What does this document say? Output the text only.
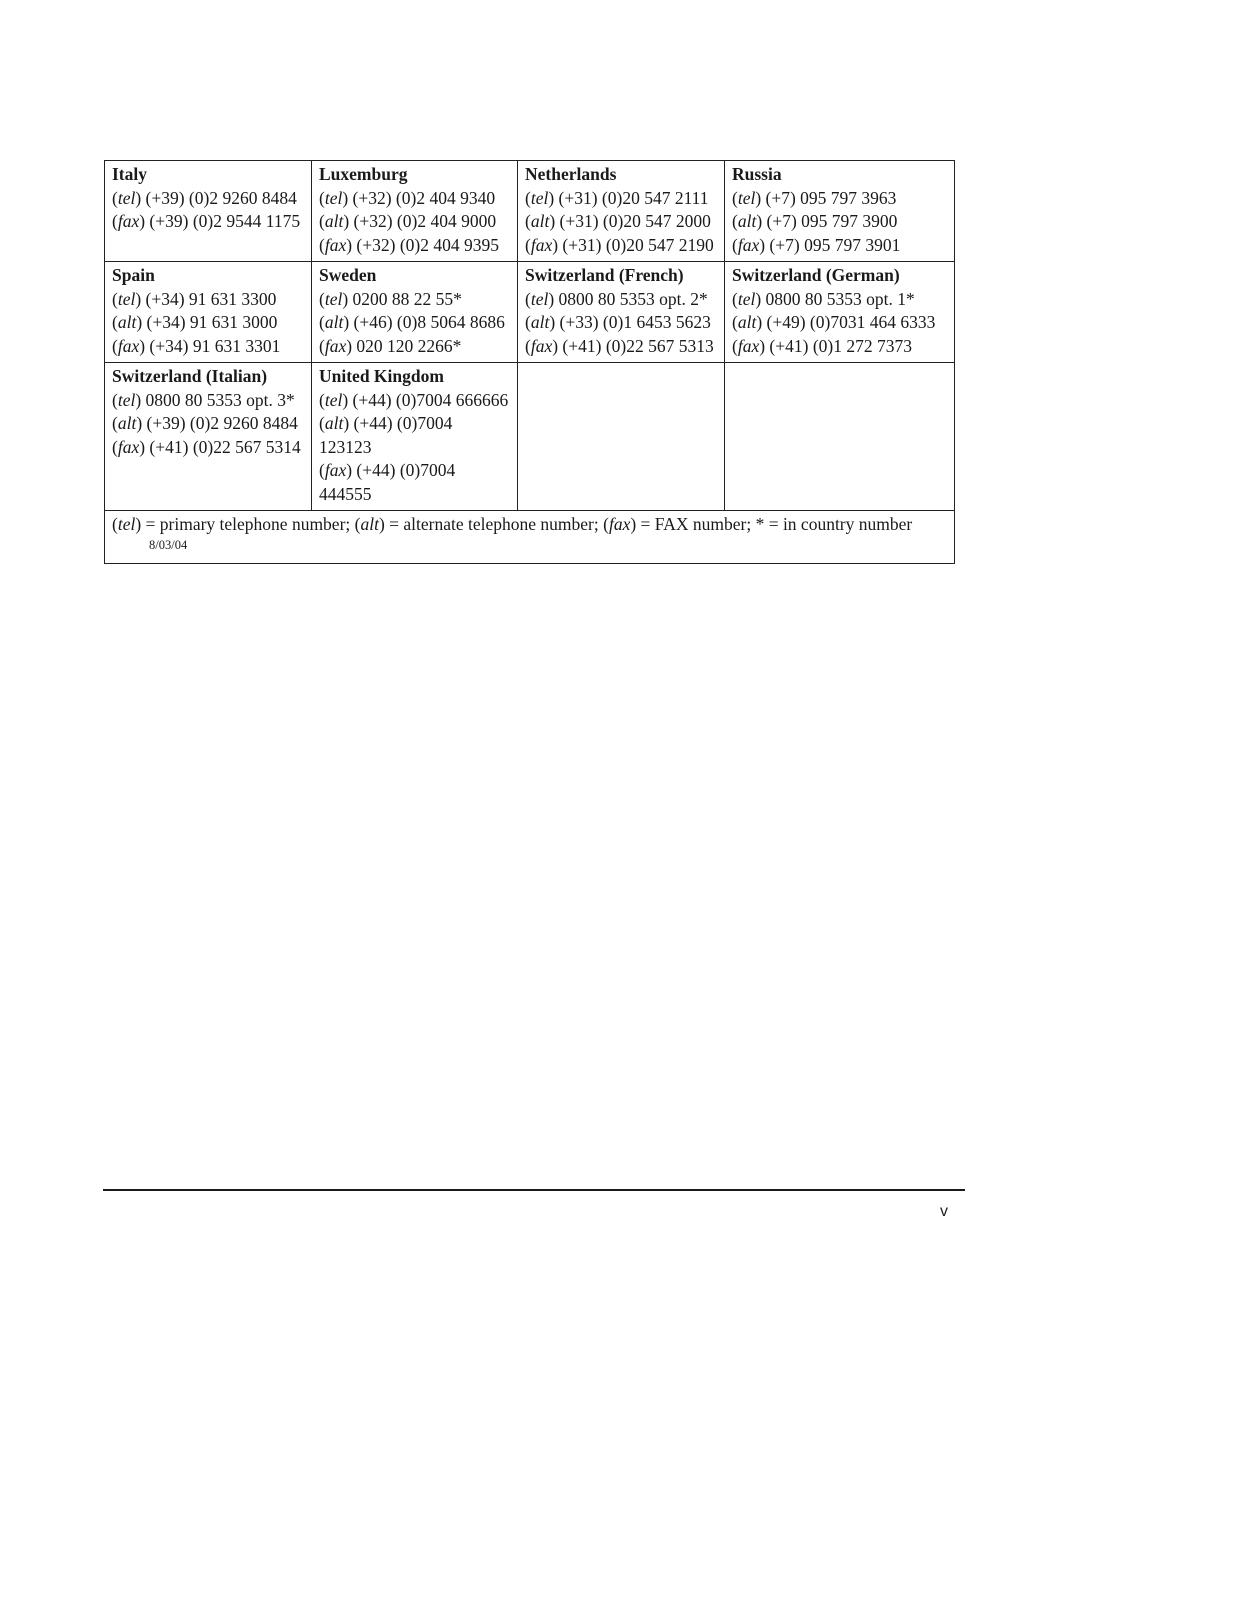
Italy
(tel) (+39) (0)2 9260 8484
(fax) (+39) (0)2 9544 1175
Luxemburg
(tel) (+32) (0)2 404 9340
(alt) (+32) (0)2 404 9000
(fax) (+32) (0)2 404 9395
Netherlands
(tel) (+31) (0)20 547 2111
(alt) (+31) (0)20 547 2000
(fax) (+31) (0)20 547 2190
Russia
(tel) (+7) 095 797 3963
(alt) (+7) 095 797 3900
(fax) (+7) 095 797 3901
Spain
(tel) (+34) 91 631 3300
(alt) (+34) 91 631 3000
(fax) (+34) 91 631 3301
Sweden
(tel) 0200 88 22 55*
(alt) (+46) (0)8 5064 8686
(fax) 020 120 2266*
Switzerland (French)
(tel) 0800 80 5353 opt. 2*
(alt) (+33) (0)1 6453 5623
(fax) (+41) (0)22 567 5313
Switzerland (German)
(tel) 0800 80 5353 opt. 1*
(alt) (+49) (0)7031 464 6333
(fax) (+41) (0)1 272 7373
Switzerland (Italian)
(tel) 0800 80 5353 opt. 3*
(alt) (+39) (0)2 9260 8484
(fax) (+41) (0)22 567 5314
United Kingdom
(tel) (+44) (0)7004 666666
(alt) (+44) (0)7004 123123
(fax) (+44) (0)7004 444555
(tel) = primary telephone number; (alt) = alternate telephone number; (fax) = FAX number; * = in country number
8/03/04
v
